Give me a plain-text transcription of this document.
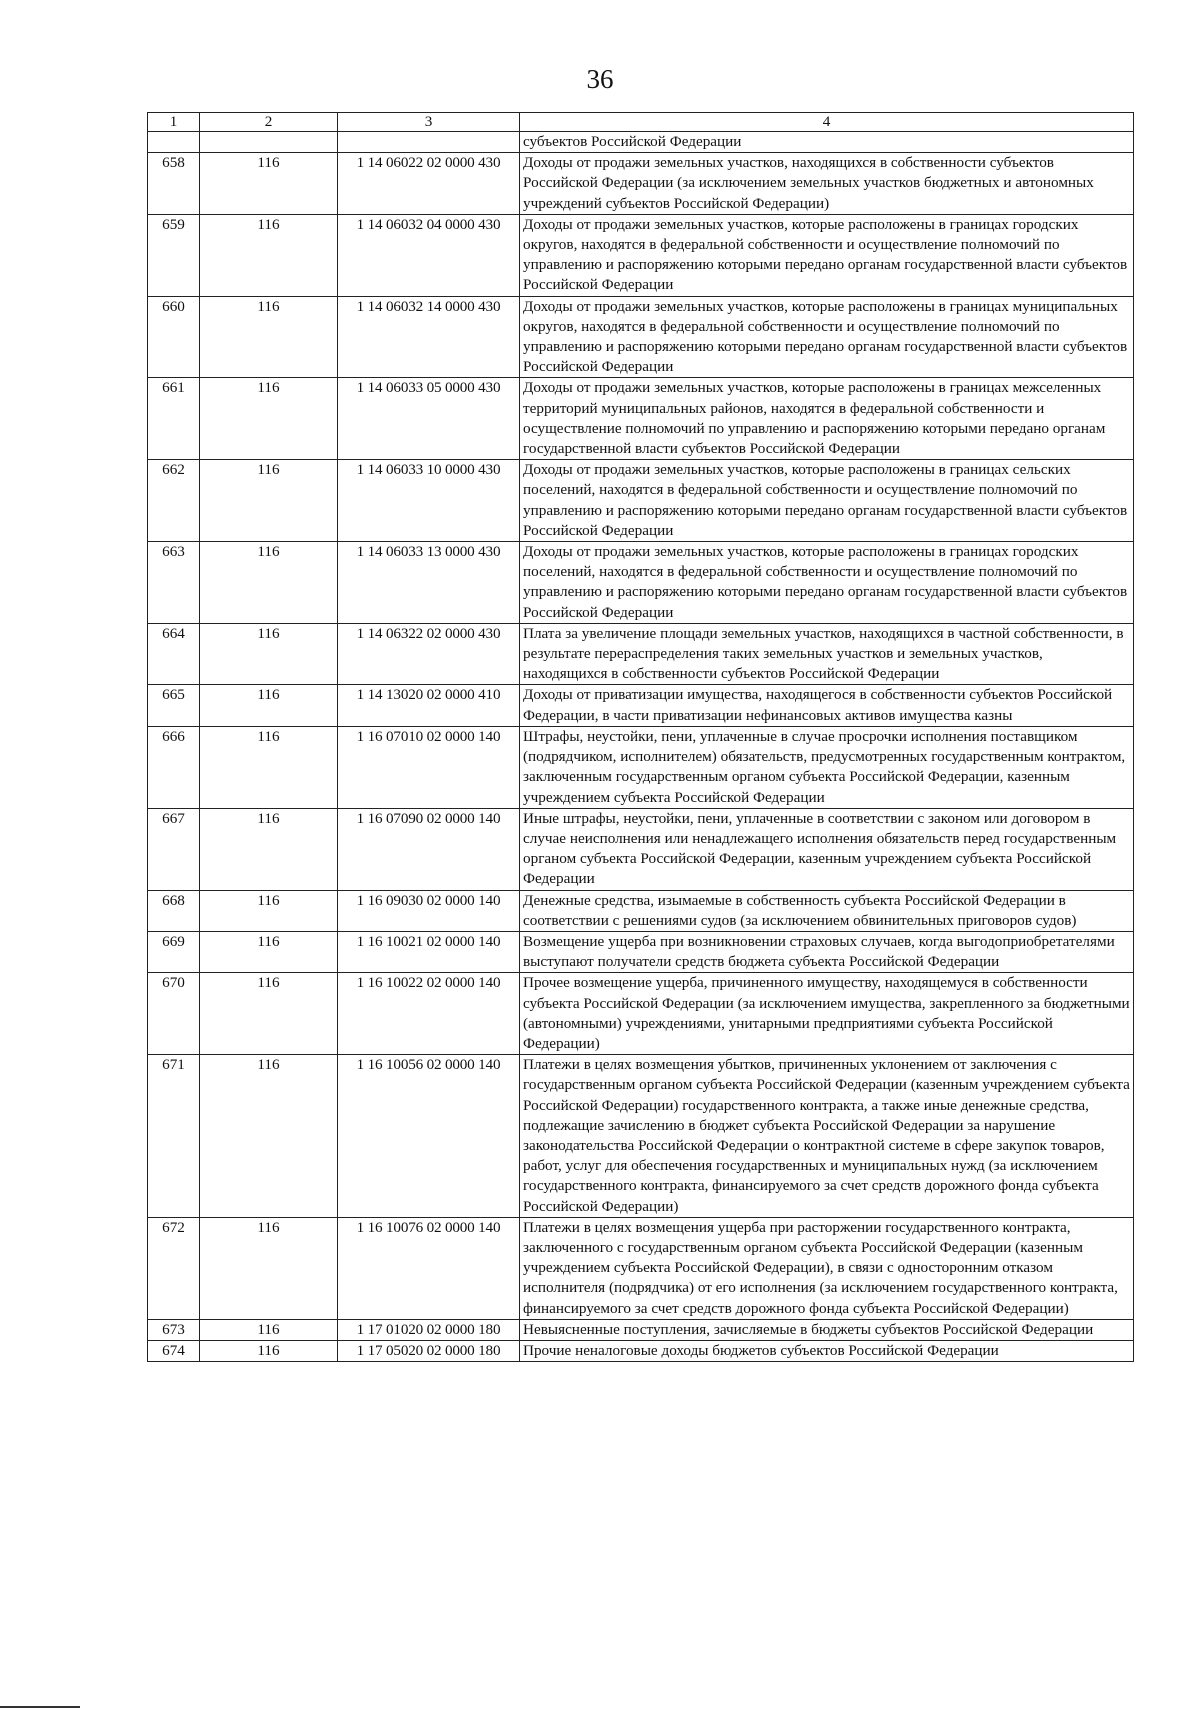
36
1	2	3	4
			субъектов Российской Федерации
658	116	1 14 06022 02 0000 430	Доходы от продажи земельных участков, находящихся в собственности субъектов Российской Федерации (за исключением земельных участков бюджетных и автономных учреждений субъектов Российской Федерации)
659	116	1 14 06032 04 0000 430	Доходы от продажи земельных участков, которые расположены в границах городских округов, находятся в федеральной собственности и осуществление полномочий по управлению и распоряжению которыми передано органам государственной власти субъектов Российской Федерации
660	116	1 14 06032 14 0000 430	Доходы от продажи земельных участков, которые расположены в границах муниципальных округов, находятся в федеральной собственности и осуществление полномочий по управлению и распоряжению которыми передано органам государственной власти субъектов Российской Федерации
661	116	1 14 06033 05 0000 430	Доходы от продажи земельных участков, которые расположены в границах межселенных территорий муниципальных районов, находятся в федеральной собственности и осуществление полномочий по управлению и распоряжению которыми передано органам государственной власти субъектов Российской Федерации
662	116	1 14 06033 10 0000 430	Доходы от продажи земельных участков, которые расположены в границах сельских поселений, находятся в федеральной собственности и осуществление полномочий по управлению и распоряжению которыми передано органам государственной власти субъектов Российской Федерации
663	116	1 14 06033 13 0000 430	Доходы от продажи земельных участков, которые расположены в границах городских поселений, находятся в федеральной собственности и осуществление полномочий по управлению и распоряжению которыми передано органам государственной власти субъектов Российской Федерации
664	116	1 14 06322 02 0000 430	Плата за увеличение площади земельных участков, находящихся в частной собственности, в результате перераспределения таких земельных участков и земельных участков, находящихся в собственности субъектов Российской Федерации
665	116	1 14 13020 02 0000 410	Доходы от приватизации имущества, находящегося в собственности субъектов Российской Федерации, в части приватизации нефинансовых активов имущества казны
666	116	1 16 07010 02 0000 140	Штрафы, неустойки, пени, уплаченные в случае просрочки исполнения поставщиком (подрядчиком, исполнителем) обязательств, предусмотренных государственным контрактом, заключенным государственным органом субъекта Российской Федерации, казенным учреждением субъекта Российской Федерации
667	116	1 16 07090 02 0000 140	Иные штрафы, неустойки, пени, уплаченные в соответствии с законом или договором в случае неисполнения или ненадлежащего исполнения обязательств перед государственным органом субъекта Российской Федерации, казенным учреждением субъекта Российской Федерации
668	116	1 16 09030 02 0000 140	Денежные средства, изымаемые в собственность субъекта Российской Федерации в соответствии с решениями судов (за исключением обвинительных приговоров судов)
669	116	1 16 10021 02 0000 140	Возмещение ущерба при возникновении страховых случаев, когда выгодоприобретателями выступают получатели средств бюджета субъекта Российской Федерации
670	116	1 16 10022 02 0000 140	Прочее возмещение ущерба, причиненного имуществу, находящемуся в собственности субъекта Российской Федерации (за исключением имущества, закрепленного за бюджетными (автономными) учреждениями, унитарными предприятиями субъекта Российской Федерации)
671	116	1 16 10056 02 0000 140	Платежи в целях возмещения убытков, причиненных уклонением от заключения с государственным органом субъекта Российской Федерации (казенным учреждением субъекта Российской Федерации) государственного контракта, а также иные денежные средства, подлежащие зачислению в бюджет субъекта Российской Федерации за нарушение законодательства Российской Федерации о контрактной системе в сфере закупок товаров, работ, услуг для обеспечения государственных и муниципальных нужд (за исключением государственного контракта, финансируемого за счет средств дорожного фонда субъекта Российской Федерации)
672	116	1 16 10076 02 0000 140	Платежи в целях возмещения ущерба при расторжении государственного контракта, заключенного с государственным органом субъекта Российской Федерации (казенным учреждением субъекта Российской Федерации), в связи с односторонним отказом исполнителя (подрядчика) от его исполнения (за исключением государственного контракта, финансируемого за счет средств дорожного фонда субъекта Российской Федерации)
673	116	1 17 01020 02 0000 180	Невыясненные поступления, зачисляемые в бюджеты субъектов Российской Федерации
674	116	1 17 05020 02 0000 180	Прочие неналоговые доходы бюджетов субъектов Российской Федерации
